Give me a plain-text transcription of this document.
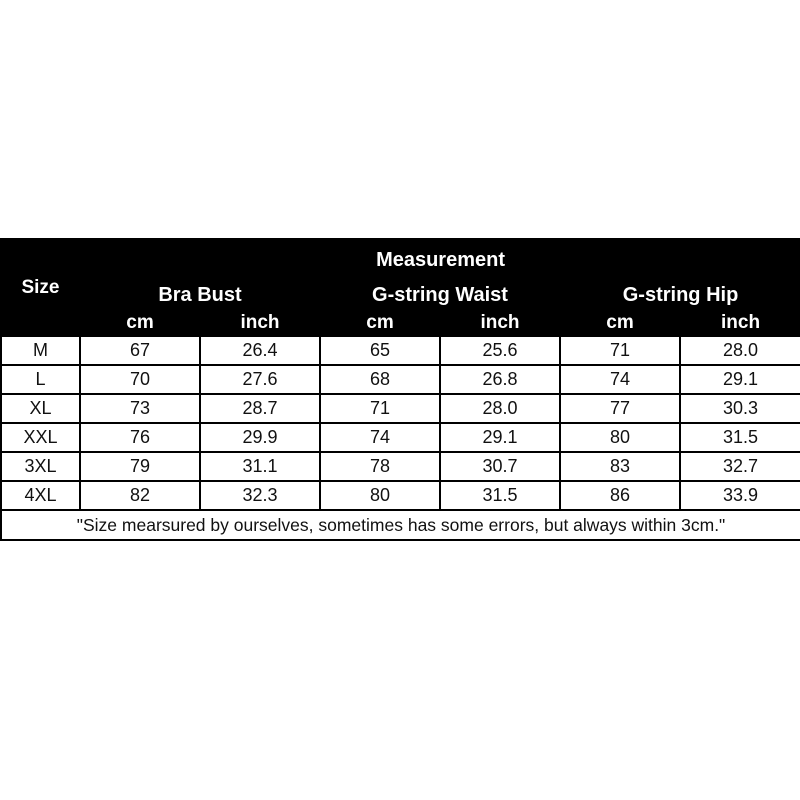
Size	Measurement					
	Bra Bust		G-string Waist		G-string Hip	
	cm	inch	cm	inch	cm	inch
M	67	26.4	65	25.6	71	28.0
L	70	27.6	68	26.8	74	29.1
XL	73	28.7	71	28.0	77	30.3
XXL	76	29.9	74	29.1	80	31.5
3XL	79	31.1	78	30.7	83	32.7
4XL	82	32.3	80	31.5	86	33.9
"Size mearsured by ourselves, sometimes has some errors, but always within 3cm."						
